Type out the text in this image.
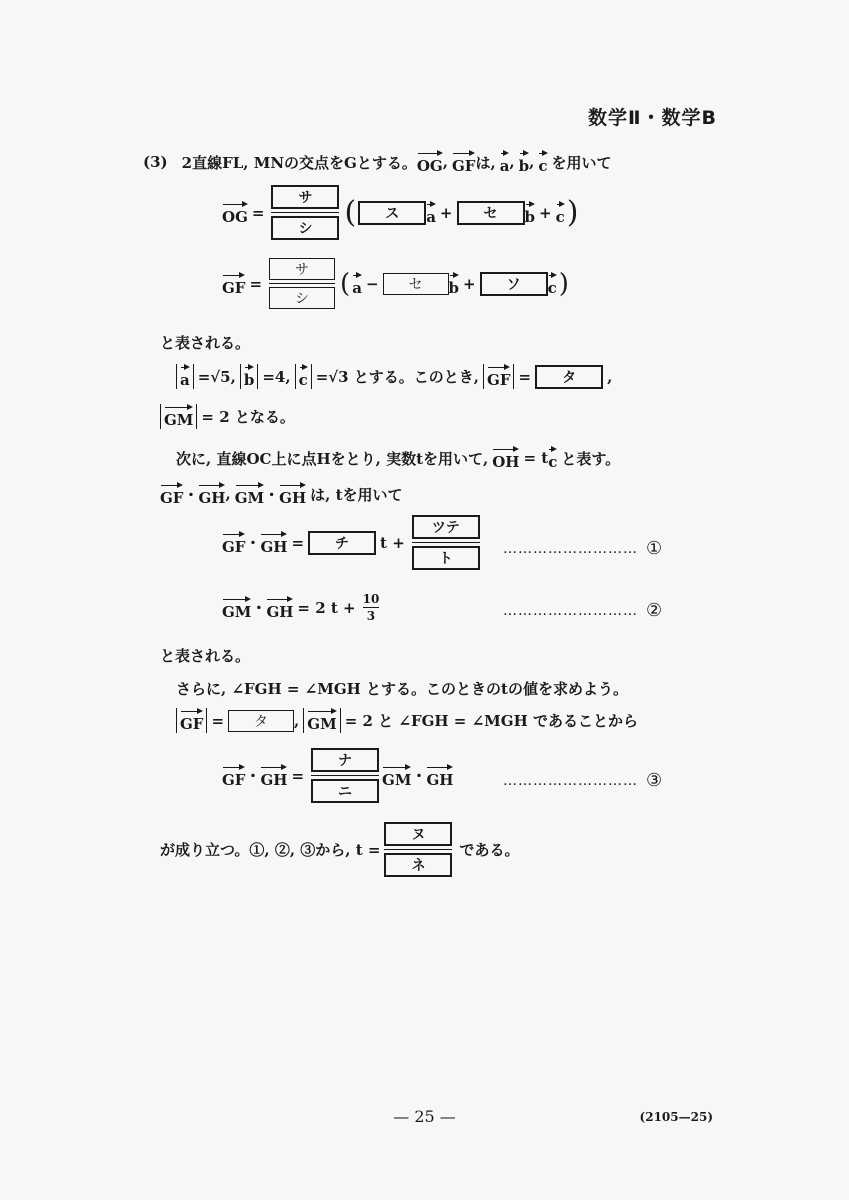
数学Ⅱ・数学B
(3) 2直線FL, MNの交点をGとする。 OG , GF は, a , b , c を用いて
OG = $\frac{\text{サ}}{\text{シ}}$ (	ス	a +	セ	b + c )
GF = $\frac{\text{サ}}{\text{シ}}$ ( a −	セ	b +	ソ	c )
と表される。
a =√5, b =4, c =√3 とする。このとき, GF =	タ	,
GM = 2 となる。
次に, 直線OC上に点Hをとり, 実数tを用いて, OH = t c と表す。
GF ・ GH , GM ・ GH は, tを用いて
GF ・ GH =	チ	$t + \frac{\text{ツテ}}{\text{ト}}$ ……………………… ①
GM ・ GH = 2 $t + \frac{10}{3}$	……………………… ②
と表される。
さらに, ∠FGH = ∠MGH とする。このときのtの値を求めよう。
GF =	タ	, GM = 2 と ∠FGH = ∠MGH であることから
GF ・ GH = $\frac{\text{ナ}}{\text{ニ}}$ GM ・ GH	……………………… ③
が成り立つ。①, ②, ③から, $t = \frac{\text{ヌ}}{\text{ネ}}$ である。
— 25 —	(2105—25)
